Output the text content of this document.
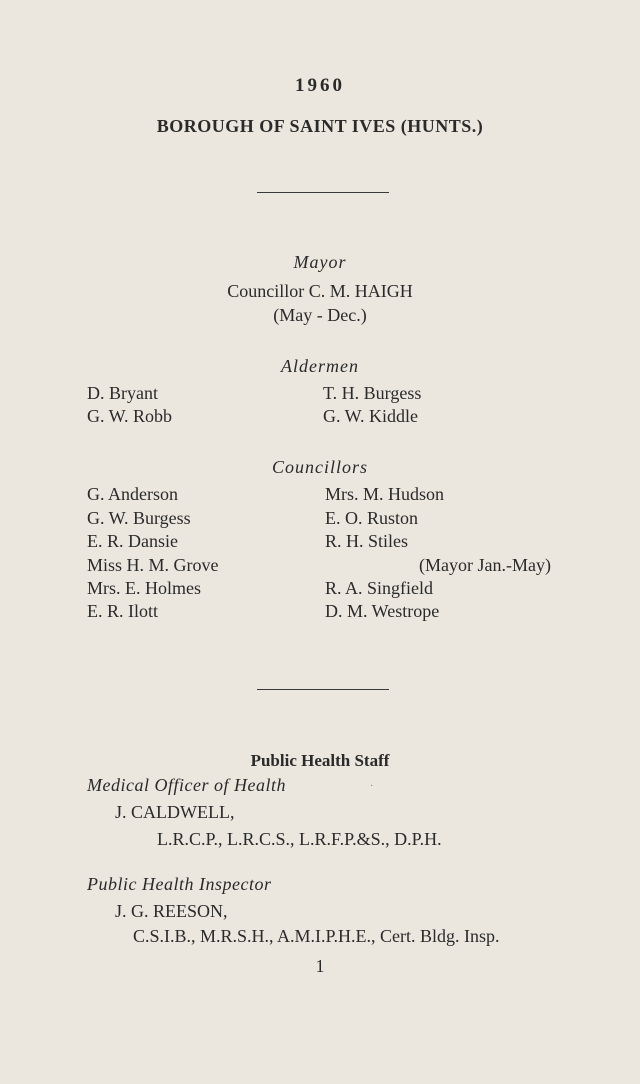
1960
BOROUGH OF SAINT IVES (HUNTS.)
Mayor
Councillor C. M. HAIGH
(May - Dec.)
Aldermen
D. Bryant
G. W. Robb
T. H. Burgess
G. W. Kiddle
Councillors
G. Anderson
G. W. Burgess
E. R. Dansie
Miss H. M. Grove
Mrs. E. Holmes
E. R. Ilott
Mrs. M. Hudson
E. O. Ruston
R. H. Stiles
(Mayor Jan.-May)
R. A. Singfield
D. M. Westrope
Public Health Staff
Medical Officer of Health	·
J. CALDWELL,
L.R.C.P., L.R.C.S., L.R.F.P.&S., D.P.H.
Public Health Inspector
J. G. REESON,
C.S.I.B., M.R.S.H., A.M.I.P.H.E., Cert. Bldg. Insp.
1
